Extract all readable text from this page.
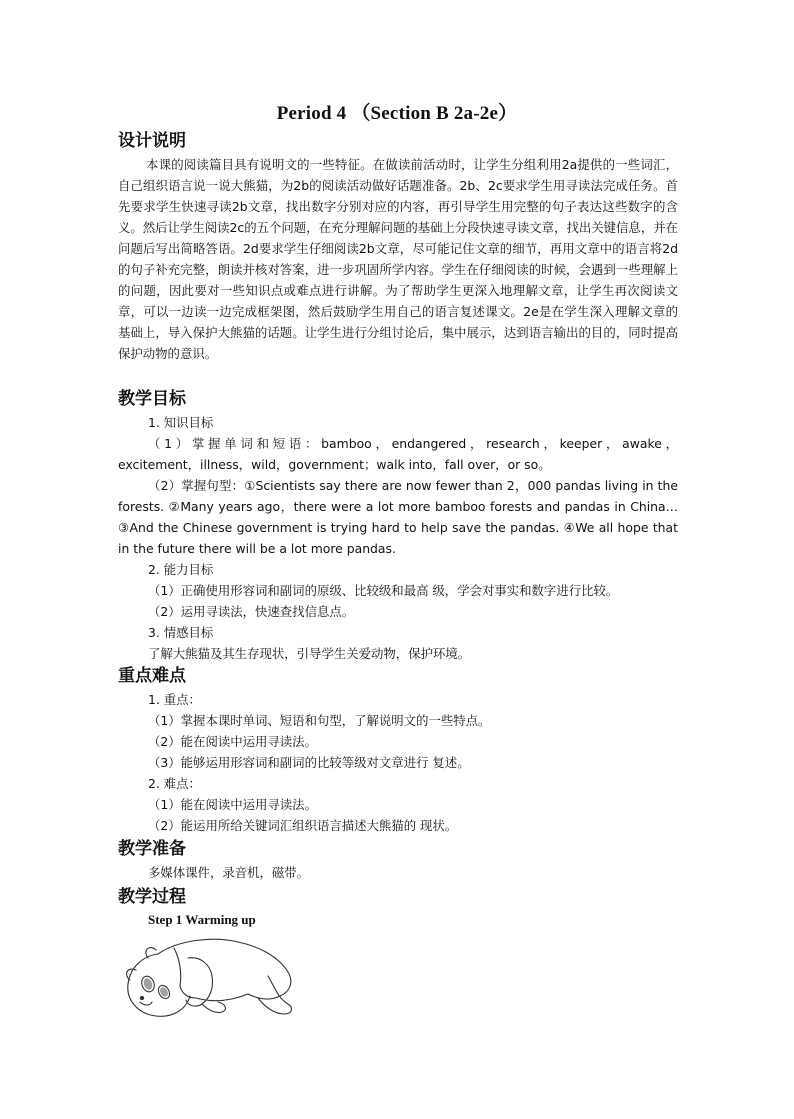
Period 4 （Section B 2a-2e）
设计说明

本课的阅读篇目具有说明文的一些特征。在做读前活动时，让学生分组利用2a提供的一些词汇，自己组织语言说一说大熊猫，为2b的阅读活动做好话题准备。2b、2c要求学生用寻读法完成任务。首先要求学生快速寻读2b文章，找出数字分别对应的内容，再引导学生用完整的句子表达这些数字的含义。然后让学生阅读2c的五个问题，在充分理解问题的基础上分段快速寻读文章，找出关键信息，并在问题后写出简略答语。2d要求学生仔细阅读2b文章，尽可能记住文章的细节，再用文章中的语言将2d的句子补充完整，朗读并核对答案，进一步巩固所学内容。学生在仔细阅读的时候，会遇到一些理解上的问题，因此要对一些知识点或难点进行讲解。为了帮助学生更深入地理解文章，让学生再次阅读文章，可以一边读一边完成框架图，然后鼓励学生用自己的语言复述课文。2e是在学生深入理解文章的基础上，导入保护大熊猫的话题。让学生进行分组讨论后，集中展示，达到语言输出的目的，同时提高保护动物的意识。

教学目标
1. 知识目标
（1）掌握单词和短语：bamboo，endangered，research，keeper，awake，excitement，illness，wild，government；walk into，fall over，or so。
（2）掌握句型：①Scientists say there are now fewer than 2，000 pandas living in the forests. ②Many years ago，there were a lot more bamboo forests and pandas in China… ③And the Chinese government is trying hard to help save the pandas. ④We all hope that in the future there will be a lot more pandas.
2. 能力目标
（1）正确使用形容词和副词的原级、比较级和最高 级，学会对事实和数字进行比较。
（2）运用寻读法，快速查找信息点。
3. 情感目标
了解大熊猫及其生存现状，引导学生关爱动物，保护环境。
重点难点
1. 重点：
（1）掌握本课时单词、短语和句型，了解说明文的一些特点。
（2）能在阅读中运用寻读法。
（3）能够运用形容词和副词的比较等级对文章进行 复述。
2. 难点：
（1）能在阅读中运用寻读法。
（2）能运用所给关键词汇组织语言描述大熊猫的 现状。
教学准备
多媒体课件，录音机，磁带。
教学过程
Step 1 Warming up
